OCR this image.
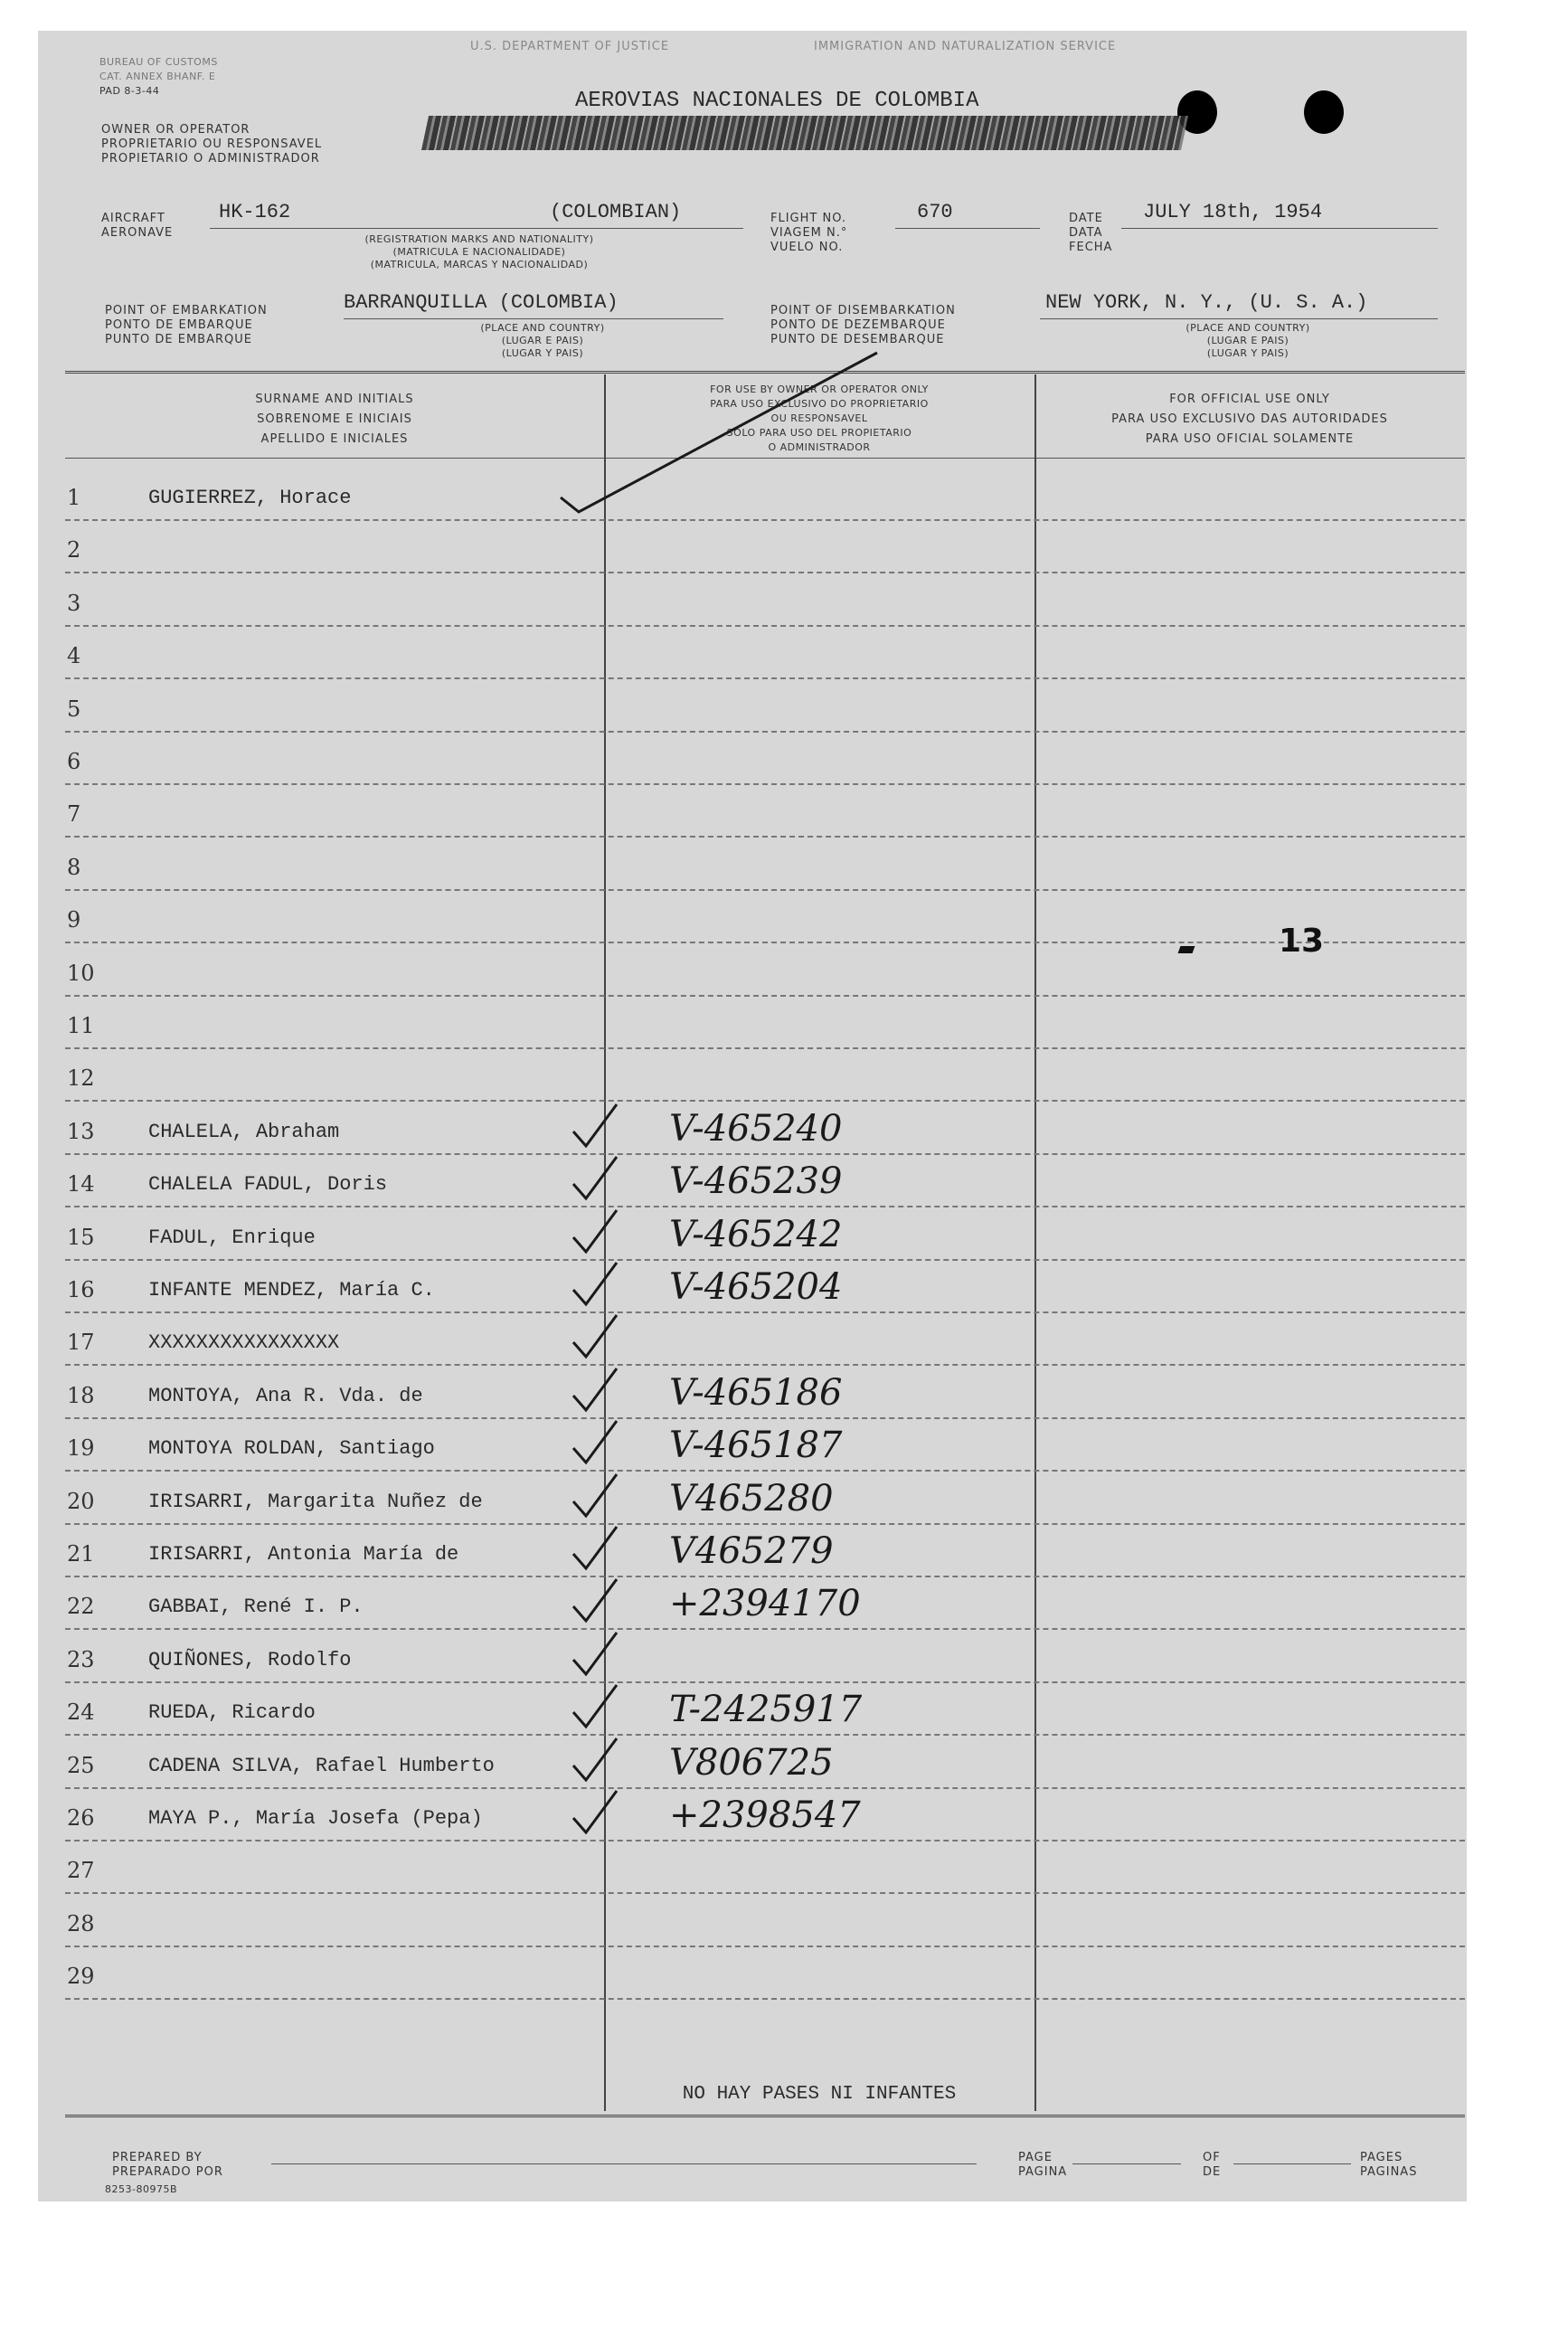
U.S. DEPARTMENT OF JUSTICE	IMMIGRATION AND NATURALIZATION SERVICE
BUREAU OF CUSTOMS
CAT. ANNEX BHANF. E
PAD 8-3-44
OWNER OR OPERATOR
PROPRIETARIO OU RESPONSAVEL
PROPIETARIO O ADMINISTRADOR
AEROVIAS NACIONALES DE COLOMBIA
AIRCRAFT
AERONAVE
HK-162	(COLOMBIAN)
(REGISTRATION MARKS AND NATIONALITY)
(MATRICULA E NACIONALIDADE)
(MATRICULA, MARCAS Y NACIONALIDAD)
FLIGHT NO.
VIAGEM N.°
VUELO NO.
670	DATE
DATA
FECHA
JULY 18th, 1954
POINT OF EMBARKATION
PONTO DE EMBARQUE
PUNTO DE EMBARQUE
BARRANQUILLA (COLOMBIA)
(PLACE AND COUNTRY)
(LUGAR E PAIS)
(LUGAR Y PAIS)
POINT OF DISEMBARKATION
PONTO DE DEZEMBARQUE
PUNTO DE DESEMBARQUE
NEW YORK, N. Y., (U. S. A.)
(PLACE AND COUNTRY)
(LUGAR E PAIS)
(LUGAR Y PAIS)
SURNAME AND INITIALS
SOBRENOME E INICIAIS
APELLIDO E INICIALES
FOR USE BY OWNER OR OPERATOR ONLY
PARA USO EXCLUSIVO DO PROPRIETARIO
OU RESPONSAVEL
SOLO PARA USO DEL PROPIETARIO
O ADMINISTRADOR
FOR OFFICIAL USE ONLY
PARA USO EXCLUSIVO DAS AUTORIDADES
PARA USO OFICIAL SOLAMENTE
1	GUGIERREZ, Horace
2
3
4
5
6
7
8
9
10
11
12
13	CHALELA, Abraham	V-465240
14	CHALELA FADUL, Doris	V-465239
15	FADUL, Enrique	V-465242
16	INFANTE MENDEZ, María C.	V-465204
17	XXXXXXXXXXXXXXXX
18	MONTOYA, Ana R. Vda. de	V-465186
19	MONTOYA ROLDAN, Santiago	V-465187
20	IRISARRI, Margarita Nuñez de	V465280
21	IRISARRI, Antonia María de	V465279
22	GABBAI, René I. P.	+2394170
23	QUIÑONES, Rodolfo
24	RUEDA, Ricardo	T-2425917
25	CADENA SILVA, Rafael Humberto	V806725
26	MAYA P., María Josefa (Pepa)	+2398547
27
28
29
13
NO HAY PASES NI INFANTES
PREPARED BY
PREPARADO POR
8253-80975B
PAGE
PAGINA
OF
DE
PAGES
PAGINAS
